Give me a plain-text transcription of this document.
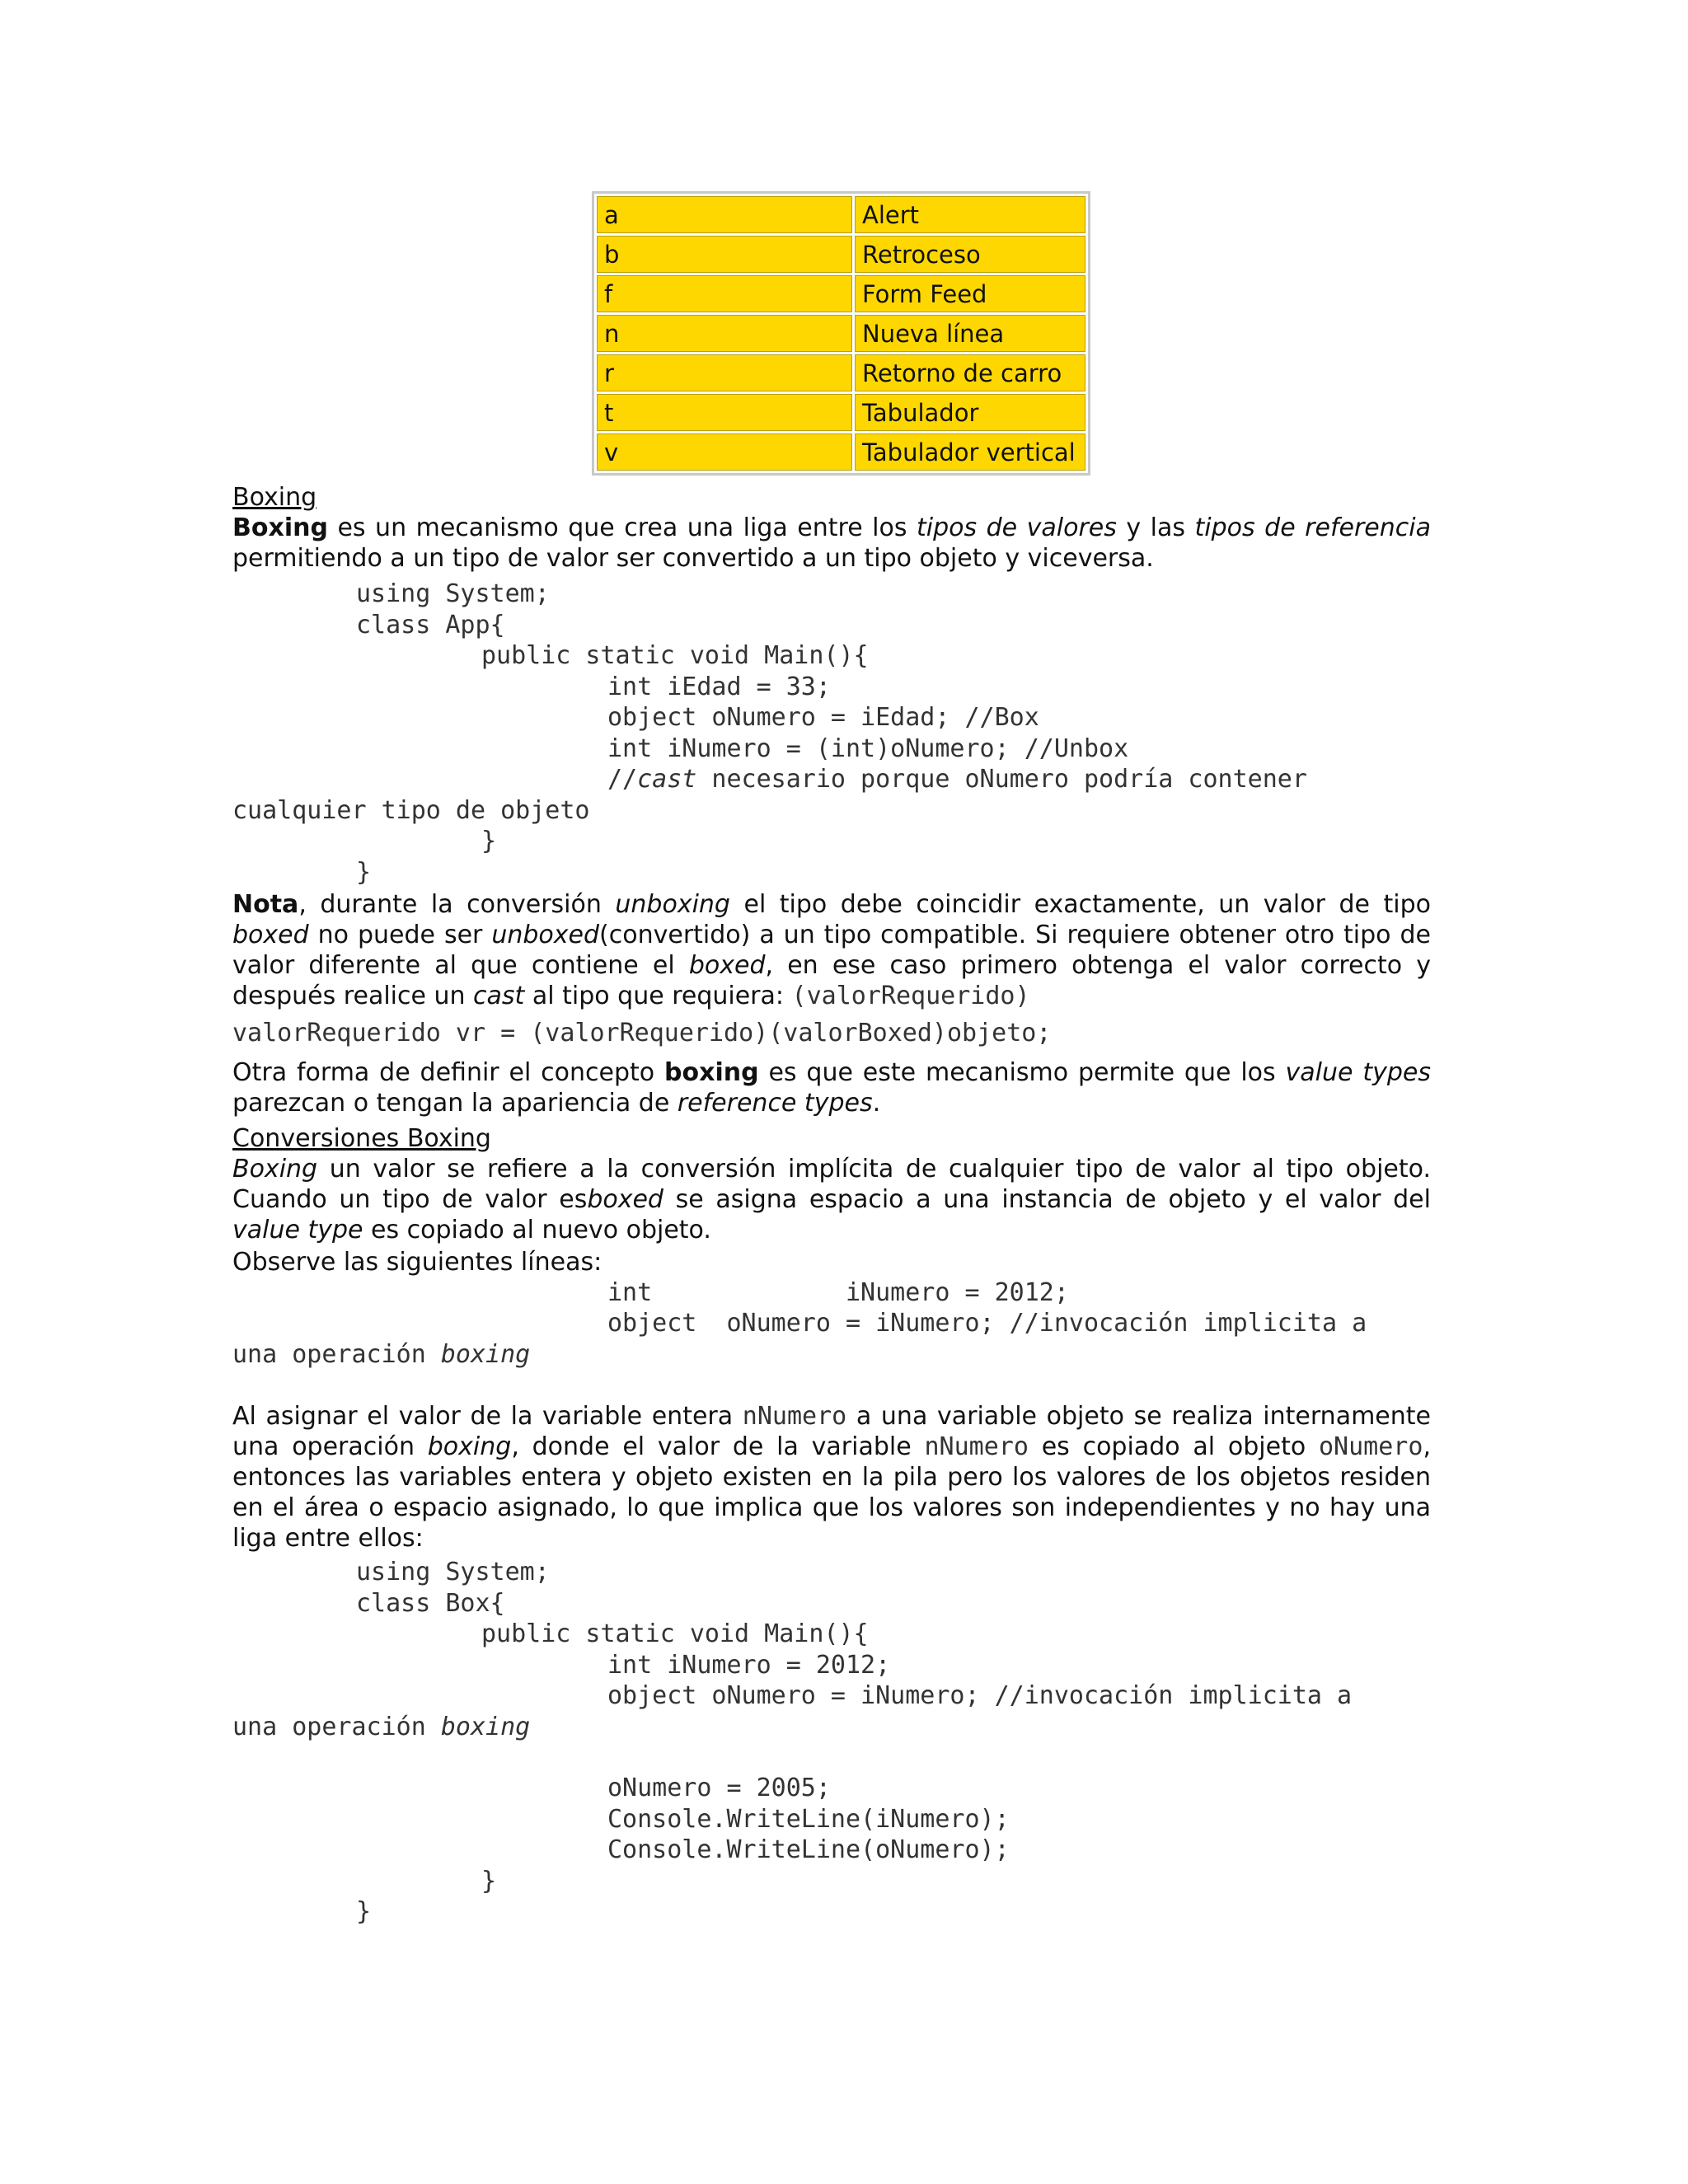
a	Alert
b	Retroceso
f	Form Feed
n	Nueva línea
r	Retorno de carro
t	Tabulador
v	Tabulador vertical

Boxing

Boxing es un mecanismo que crea una liga entre los tipos de valores y las tipos de referencia permitiendo a un tipo de valor ser convertido a un tipo objeto y viceversa.

using System;
class App{
public static void Main(){
int iEdad = 33;
object oNumero = iEdad; //Box
int iNumero = (int)oNumero; //Unbox
//cast necesario porque oNumero podría contener
cualquier tipo de objeto
}
}

Nota, durante la conversión unboxing el tipo debe coincidir exactamente, un valor de tipo boxed no puede ser unboxed(convertido) a un tipo compatible. Si requiere obtener otro tipo de valor diferente al que contiene el boxed, en ese caso primero obtenga el valor correcto y después realice un cast al tipo que requiera: (valorRequerido)

valorRequerido vr = (valorRequerido)(valorBoxed)objeto;

Otra forma de definir el concepto boxing es que este mecanismo permite que los value types parezcan o tengan la apariencia de reference types.

Conversiones Boxing

Boxing un valor se refiere a la conversión implícita de cualquier tipo de valor al tipo objeto. Cuando un tipo de valor esboxed se asigna espacio a una instancia de objeto y el valor del value type es copiado al nuevo objeto.

Observe las siguientes líneas:

int             iNumero = 2012;
object  oNumero = iNumero; //invocación implicita a
una operación boxing

Al asignar el valor de la variable entera nNumero a una variable objeto se realiza internamente una operación boxing, donde el valor de la variable nNumero es copiado al objeto oNumero, entonces las variables entera y objeto existen en la pila pero los valores de los objetos residen en el área o espacio asignado, lo que implica que los valores son independientes y no hay una liga entre ellos:

using System;
class Box{
public static void Main(){
int iNumero = 2012;
object oNumero = iNumero; //invocación implicita a
una operación boxing
oNumero = 2005;
Console.WriteLine(iNumero);
Console.WriteLine(oNumero);
}
}
